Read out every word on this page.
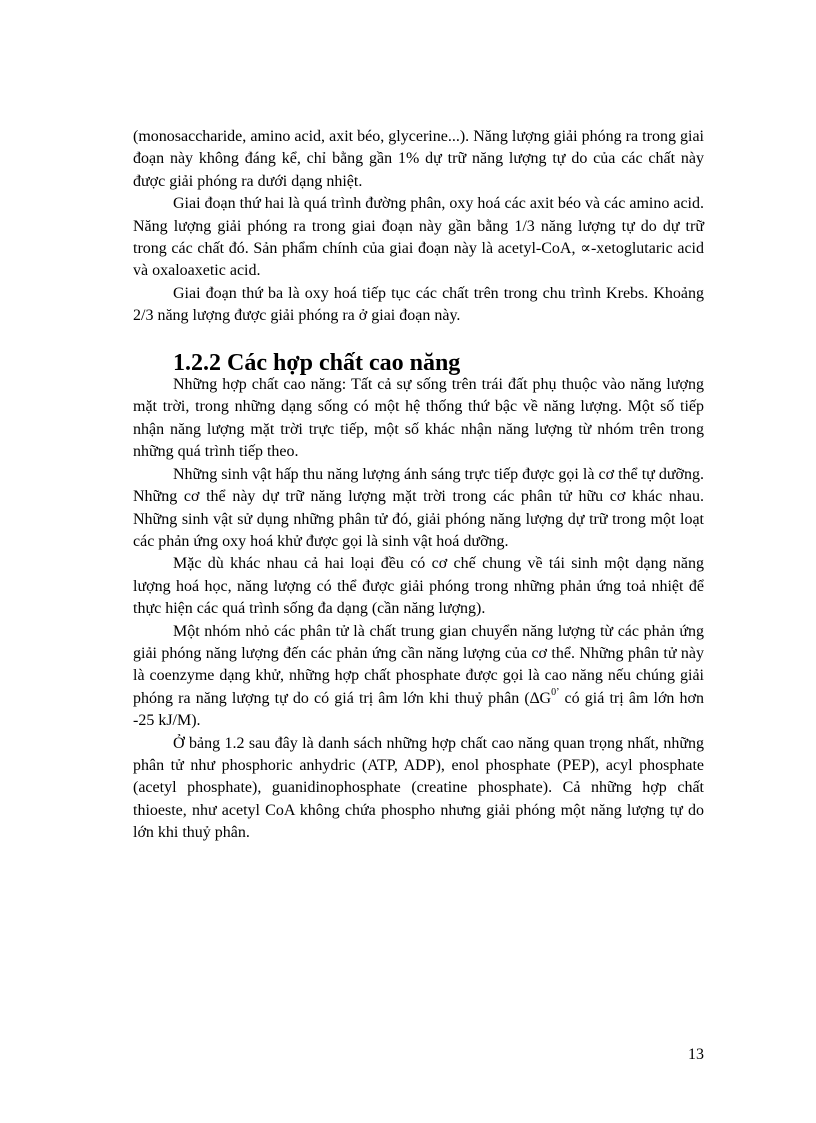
(monosaccharide, amino acid, axit béo, glycerine...). Năng lượng giải phóng ra trong giai đoạn này không đáng kể, chỉ bằng gần 1% dự trữ năng lượng tự do của các chất này được giải phóng ra dưới dạng nhiệt.

Giai đoạn thứ hai là quá trình đường phân, oxy hoá các axit béo và các amino acid. Năng lượng giải phóng ra trong giai đoạn này gần bằng 1/3 năng lượng tự do dự trữ trong các chất đó. Sản phẩm chính của giai đoạn này là acetyl-CoA, ∝-xetoglutaric acid và oxaloaxetic acid.

Giai đoạn thứ ba là oxy hoá tiếp tục các chất trên trong chu trình Krebs. Khoảng 2/3 năng lượng được giải phóng ra ở giai đoạn này.

1.2.2 Các hợp chất cao năng

Những hợp chất cao năng: Tất cả sự sống trên trái đất phụ thuộc vào năng lượng mặt trời, trong những dạng sống có một hệ thống thứ bậc về năng lượng. Một số tiếp nhận năng lượng mặt trời trực tiếp, một số khác nhận năng lượng từ nhóm trên trong những quá trình tiếp theo.

Những sinh vật hấp thu năng lượng ánh sáng trực tiếp được gọi là cơ thể tự dưỡng. Những cơ thể này dự trữ năng lượng mặt trời trong các phân tử hữu cơ khác nhau. Những sinh vật sử dụng những phân tử đó, giải phóng năng lượng dự trữ trong một loạt các phản ứng oxy hoá khử được gọi là sinh vật hoá dưỡng.

Mặc dù khác nhau cả hai loại đều có cơ chế chung về tái sinh một dạng năng lượng hoá học, năng lượng có thể được giải phóng trong những phản ứng toả nhiệt để thực hiện các quá trình sống đa dạng (cần năng lượng).

Một nhóm nhỏ các phân tử là chất trung gian chuyển năng lượng từ các phản ứng giải phóng năng lượng đến các phản ứng cần năng lượng của cơ thể. Những phân tử này là coenzyme dạng khử, những hợp chất phosphate được gọi là cao năng nếu chúng giải phóng ra năng lượng tự do có giá trị âm lớn khi thuỷ phân ($\Delta G^{0’}$ có giá trị âm lớn hơn -25 kJ/M).

Ở bảng 1.2 sau đây là danh sách những hợp chất cao năng quan trọng nhất, những phân tử như phosphoric anhydric (ATP, ADP), enol phosphate (PEP), acyl phosphate (acetyl phosphate), guanidinophosphate (creatine phosphate). Cả những hợp chất thioeste, như acetyl CoA không chứa phospho nhưng giải phóng một năng lượng tự do lớn khi thuỷ phân.

13
